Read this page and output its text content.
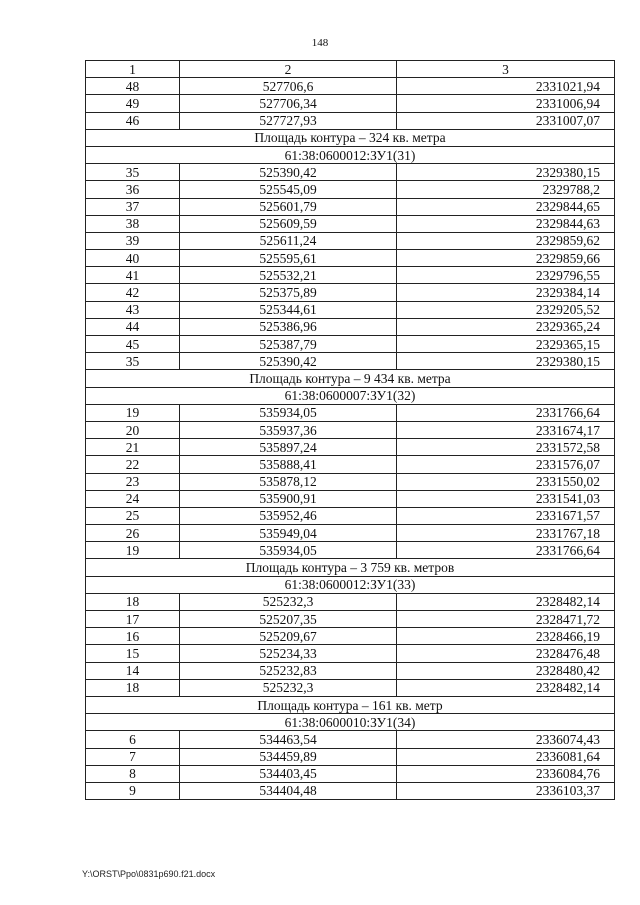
148
1	2	3
48	527706,6	2331021,94
49	527706,34	2331006,94
46	527727,93	2331007,07
Площадь контура – 324 кв. метра		
61:38:0600012:ЗУ1(31)		
35	525390,42	2329380,15
36	525545,09	2329788,2
37	525601,79	2329844,65
38	525609,59	2329844,63
39	525611,24	2329859,62
40	525595,61	2329859,66
41	525532,21	2329796,55
42	525375,89	2329384,14
43	525344,61	2329205,52
44	525386,96	2329365,24
45	525387,79	2329365,15
35	525390,42	2329380,15
Площадь контура – 9 434 кв. метра		
61:38:0600007:ЗУ1(32)		
19	535934,05	2331766,64
20	535937,36	2331674,17
21	535897,24	2331572,58
22	535888,41	2331576,07
23	535878,12	2331550,02
24	535900,91	2331541,03
25	535952,46	2331671,57
26	535949,04	2331767,18
19	535934,05	2331766,64
Площадь контура – 3 759 кв. метров		
61:38:0600012:ЗУ1(33)		
18	525232,3	2328482,14
17	525207,35	2328471,72
16	525209,67	2328466,19
15	525234,33	2328476,48
14	525232,83	2328480,42
18	525232,3	2328482,14
Площадь контура – 161 кв. метр		
61:38:0600010:ЗУ1(34)		
6	534463,54	2336074,43
7	534459,89	2336081,64
8	534403,45	2336084,76
9	534404,48	2336103,37
Y:\ORST\Ppo\0831p690.f21.docx
